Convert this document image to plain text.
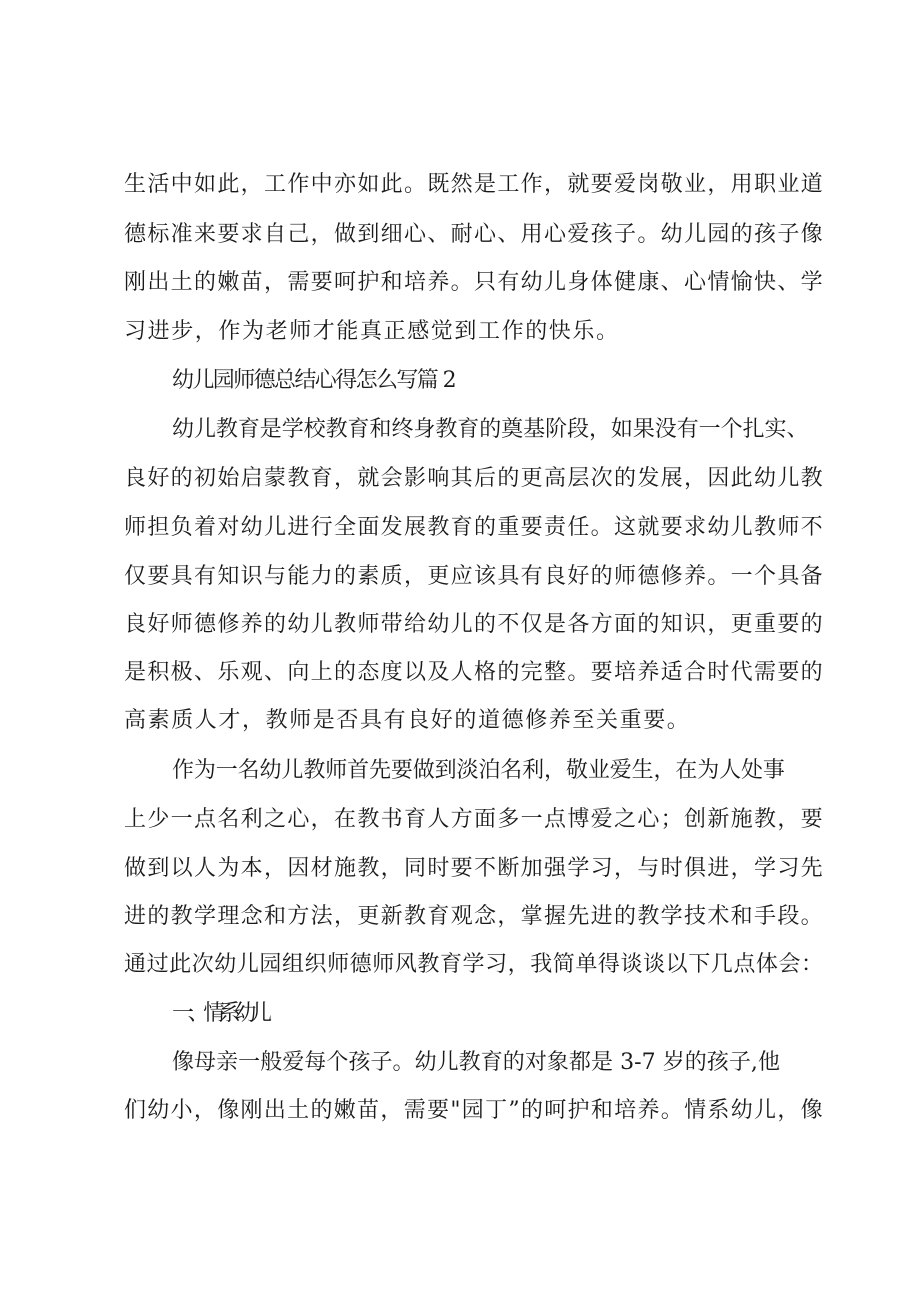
生活中如此，工作中亦如此。既然是工作，就要爱岗敬业，用职业道
德标准来要求自己，做到细心、耐心、用心爱孩子。幼儿园的孩子像
刚出土的嫩苗，需要呵护和培养。只有幼儿身体健康、心情愉快、学
习进步，作为老师才能真正感觉到工作的快乐。
幼儿园师德总结心得怎么写篇 2
幼儿教育是学校教育和终身教育的奠基阶段，如果没有一个扎实、
良好的初始启蒙教育，就会影响其后的更高层次的发展，因此幼儿教
师担负着对幼儿进行全面发展教育的重要责任。这就要求幼儿教师不
仅要具有知识与能力的素质，更应该具有良好的师德修养。一个具备
良好师德修养的幼儿教师带给幼儿的不仅是各方面的知识，更重要的
是积极、乐观、向上的态度以及人格的完整。要培养适合时代需要的
高素质人才，教师是否具有良好的道德修养至关重要。
作为一名幼儿教师首先要做到淡泊名利，敬业爱生，在为人处事
上少一点名利之心，在教书育人方面多一点博爱之心；创新施教，要
做到以人为本，因材施教，同时要不断加强学习，与时俱进，学习先
进的教学理念和方法，更新教育观念，掌握先进的教学技术和手段。
通过此次幼儿园组织师德师风教育学习，我简单得谈谈以下几点体会：
一、情系幼儿
像母亲一般爱每个孩子。幼儿教育的对象都是 3-7 岁的孩子,他
们幼小，像刚出土的嫩苗，需要"园丁”的呵护和培养。情系幼儿，像
